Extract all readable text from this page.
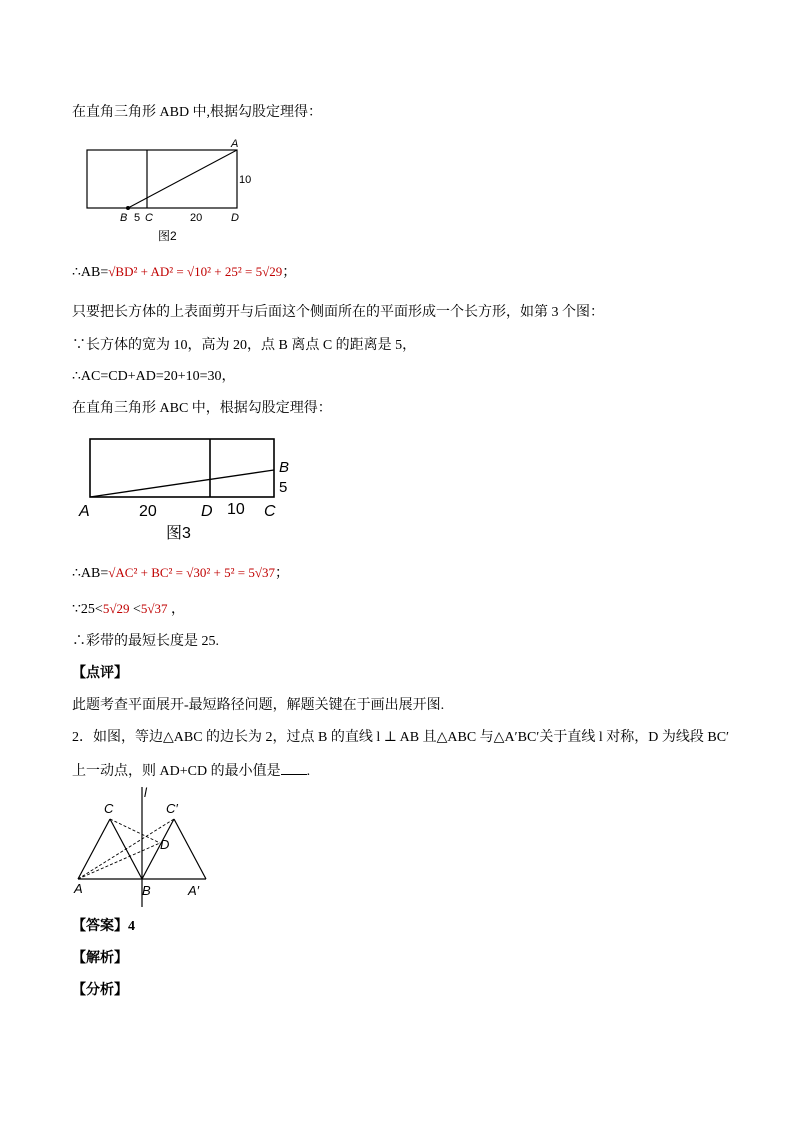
在直角三角形 ABD 中,根据勾股定理得：
A
10
B 5 C	20	D
图2
∴AB=√BD² + AD² = √10² + 25² = 5√29；
只要把长方体的上表面剪开与后面这个侧面所在的平面形成一个长方形，如第 3 个图：
∵长方体的宽为 10，高为 20，点 B 离点 C 的距离是 5，
∴AC=CD+AD=20+10=30，
在直角三角形 ABC 中，根据勾股定理得：
B
5
A	20	D 10 C
图3
∴AB=√AC² + BC² = √30² + 5² = 5√37；
∵25<5√29 <5√37 ，
∴彩带的最短长度是 25.
【点评】
此题考查平面展开-最短路径问题，解题关键在于画出展开图.
2．如图，等边△ABC 的边长为 2，过点 B 的直线 l ⊥ AB 且△ABC 与△A′BC′关于直线 l 对称，D 为线段 BC′
上一动点，则 AD+CD 的最小值是 .
C
l
C′
D
A	B	A′
【答案】4
【解析】
【分析】
